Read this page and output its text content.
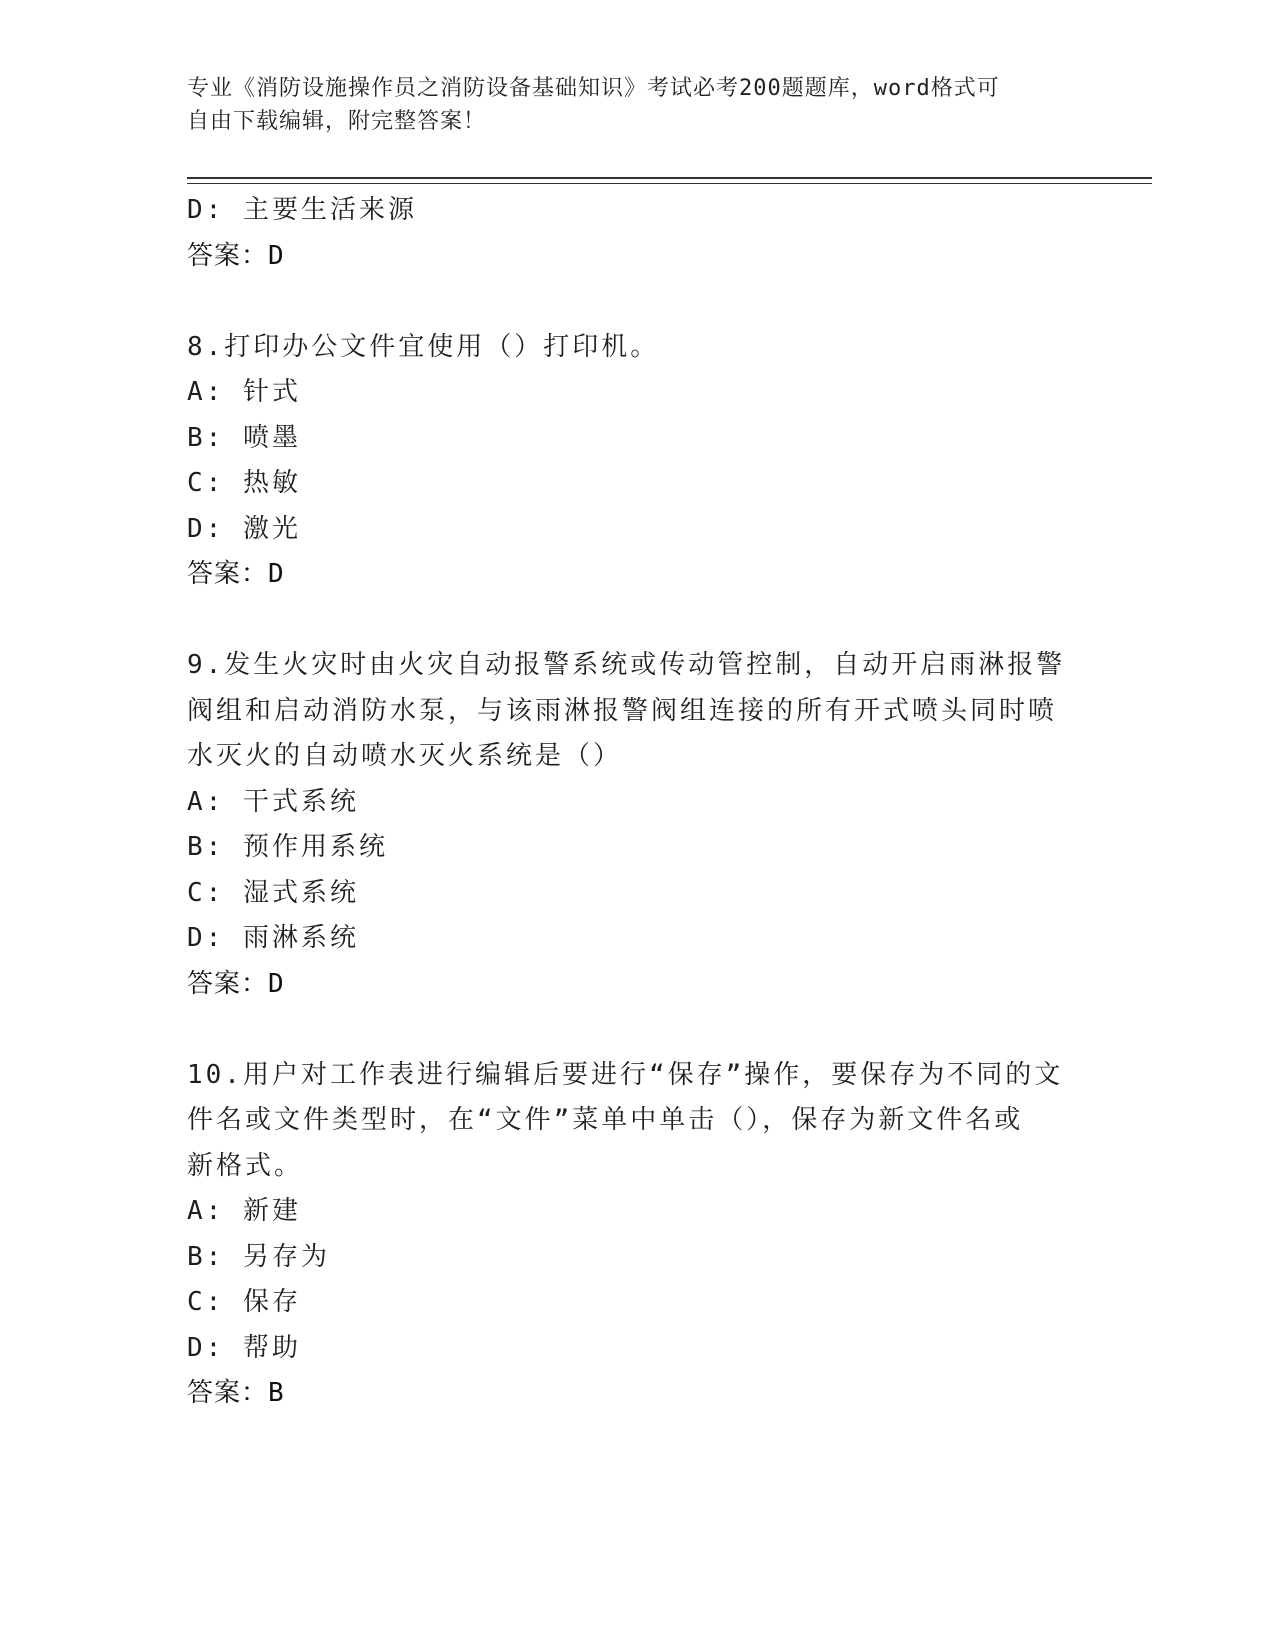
专业《消防设施操作员之消防设备基础知识》考试必考200题题库，word格式可
自由下载编辑，附完整答案！
D: 主要生活来源
答案：D
8.打印办公文件宜使用（）打印机。
A: 针式
B: 喷墨
C: 热敏
D: 激光
答案：D
9.发生火灾时由火灾自动报警系统或传动管控制，自动开启雨淋报警
阀组和启动消防水泵，与该雨淋报警阀组连接的所有开式喷头同时喷
水灭火的自动喷水灭火系统是（）
A: 干式系统
B: 预作用系统
C: 湿式系统
D: 雨淋系统
答案：D
10.用户对工作表进行编辑后要进行“保存”操作，要保存为不同的文
件名或文件类型时，在“文件”菜单中单击（），保存为新文件名或
新格式。
A: 新建
B: 另存为
C: 保存
D: 帮助
答案：B
